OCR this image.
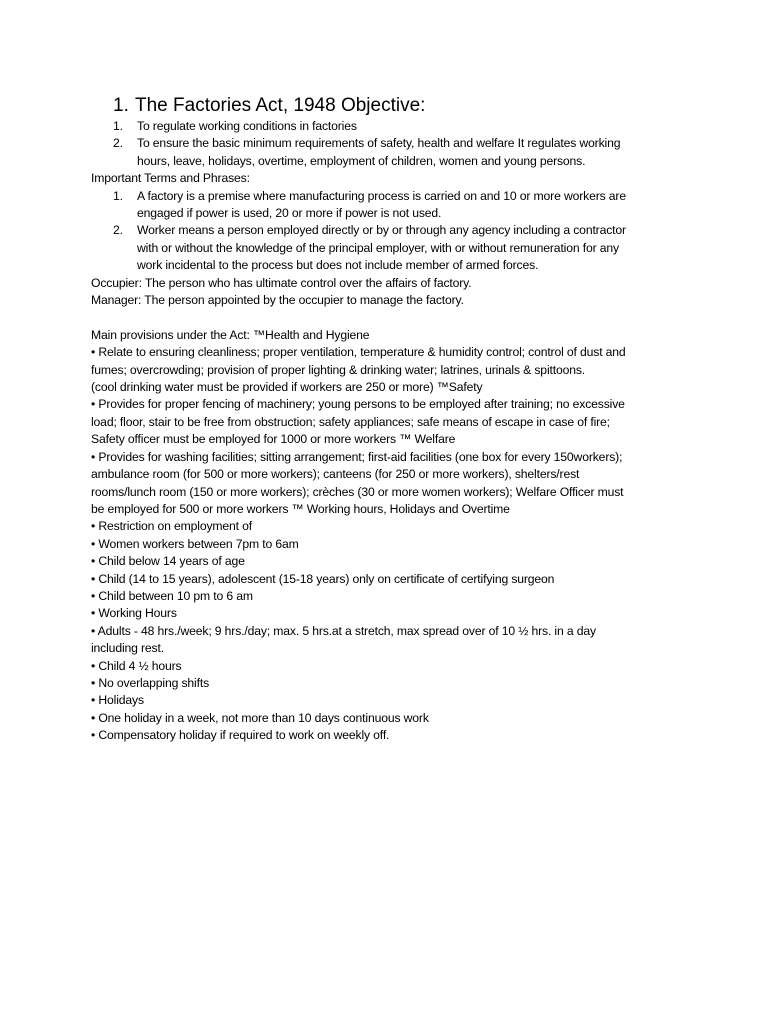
1. The Factories Act, 1948 Objective:
1. To regulate working conditions in factories
2. To ensure the basic minimum requirements of safety, health and welfare It regulates working
hours, leave, holidays, overtime, employment of children, women and young persons.
Important Terms and Phrases:
1. A factory is a premise where manufacturing process is carried on and 10 or more workers are
engaged if power is used, 20 or more if power is not used.
2. Worker means a person employed directly or by or through any agency including a contractor
with or without the knowledge of the principal employer, with or without remuneration for any
work incidental to the process but does not include member of armed forces.
Occupier: The person who has ultimate control over the affairs of factory.
Manager: The person appointed by the occupier to manage the factory.
Main provisions under the Act: ™Health and Hygiene
• Relate to ensuring cleanliness; proper ventilation, temperature & humidity control; control of dust and
fumes; overcrowding; provision of proper lighting & drinking water; latrines, urinals & spittoons.
(cool drinking water must be provided if workers are 250 or more) ™Safety
• Provides for proper fencing of machinery; young persons to be employed after training; no excessive
load; floor, stair to be free from obstruction; safety appliances; safe means of escape in case of fire;
Safety officer must be employed for 1000 or more workers ™ Welfare
• Provides for washing facilities; sitting arrangement; first-aid facilities (one box for every 150workers);
ambulance room (for 500 or more workers); canteens (for 250 or more workers), shelters/rest
rooms/lunch room (150 or more workers); crèches (30 or more women workers); Welfare Officer must
be employed for 500 or more workers ™ Working hours, Holidays and Overtime
• Restriction on employment of
• Women workers between 7pm to 6am
• Child below 14 years of age
• Child (14 to 15 years), adolescent (15-18 years) only on certificate of certifying surgeon
• Child between 10 pm to 6 am
• Working Hours
• Adults - 48 hrs./week; 9 hrs./day; max. 5 hrs.at a stretch, max spread over of 10 ½ hrs. in a day
including rest.
• Child 4 ½ hours
• No overlapping shifts
• Holidays
• One holiday in a week, not more than 10 days continuous work
• Compensatory holiday if required to work on weekly off.
